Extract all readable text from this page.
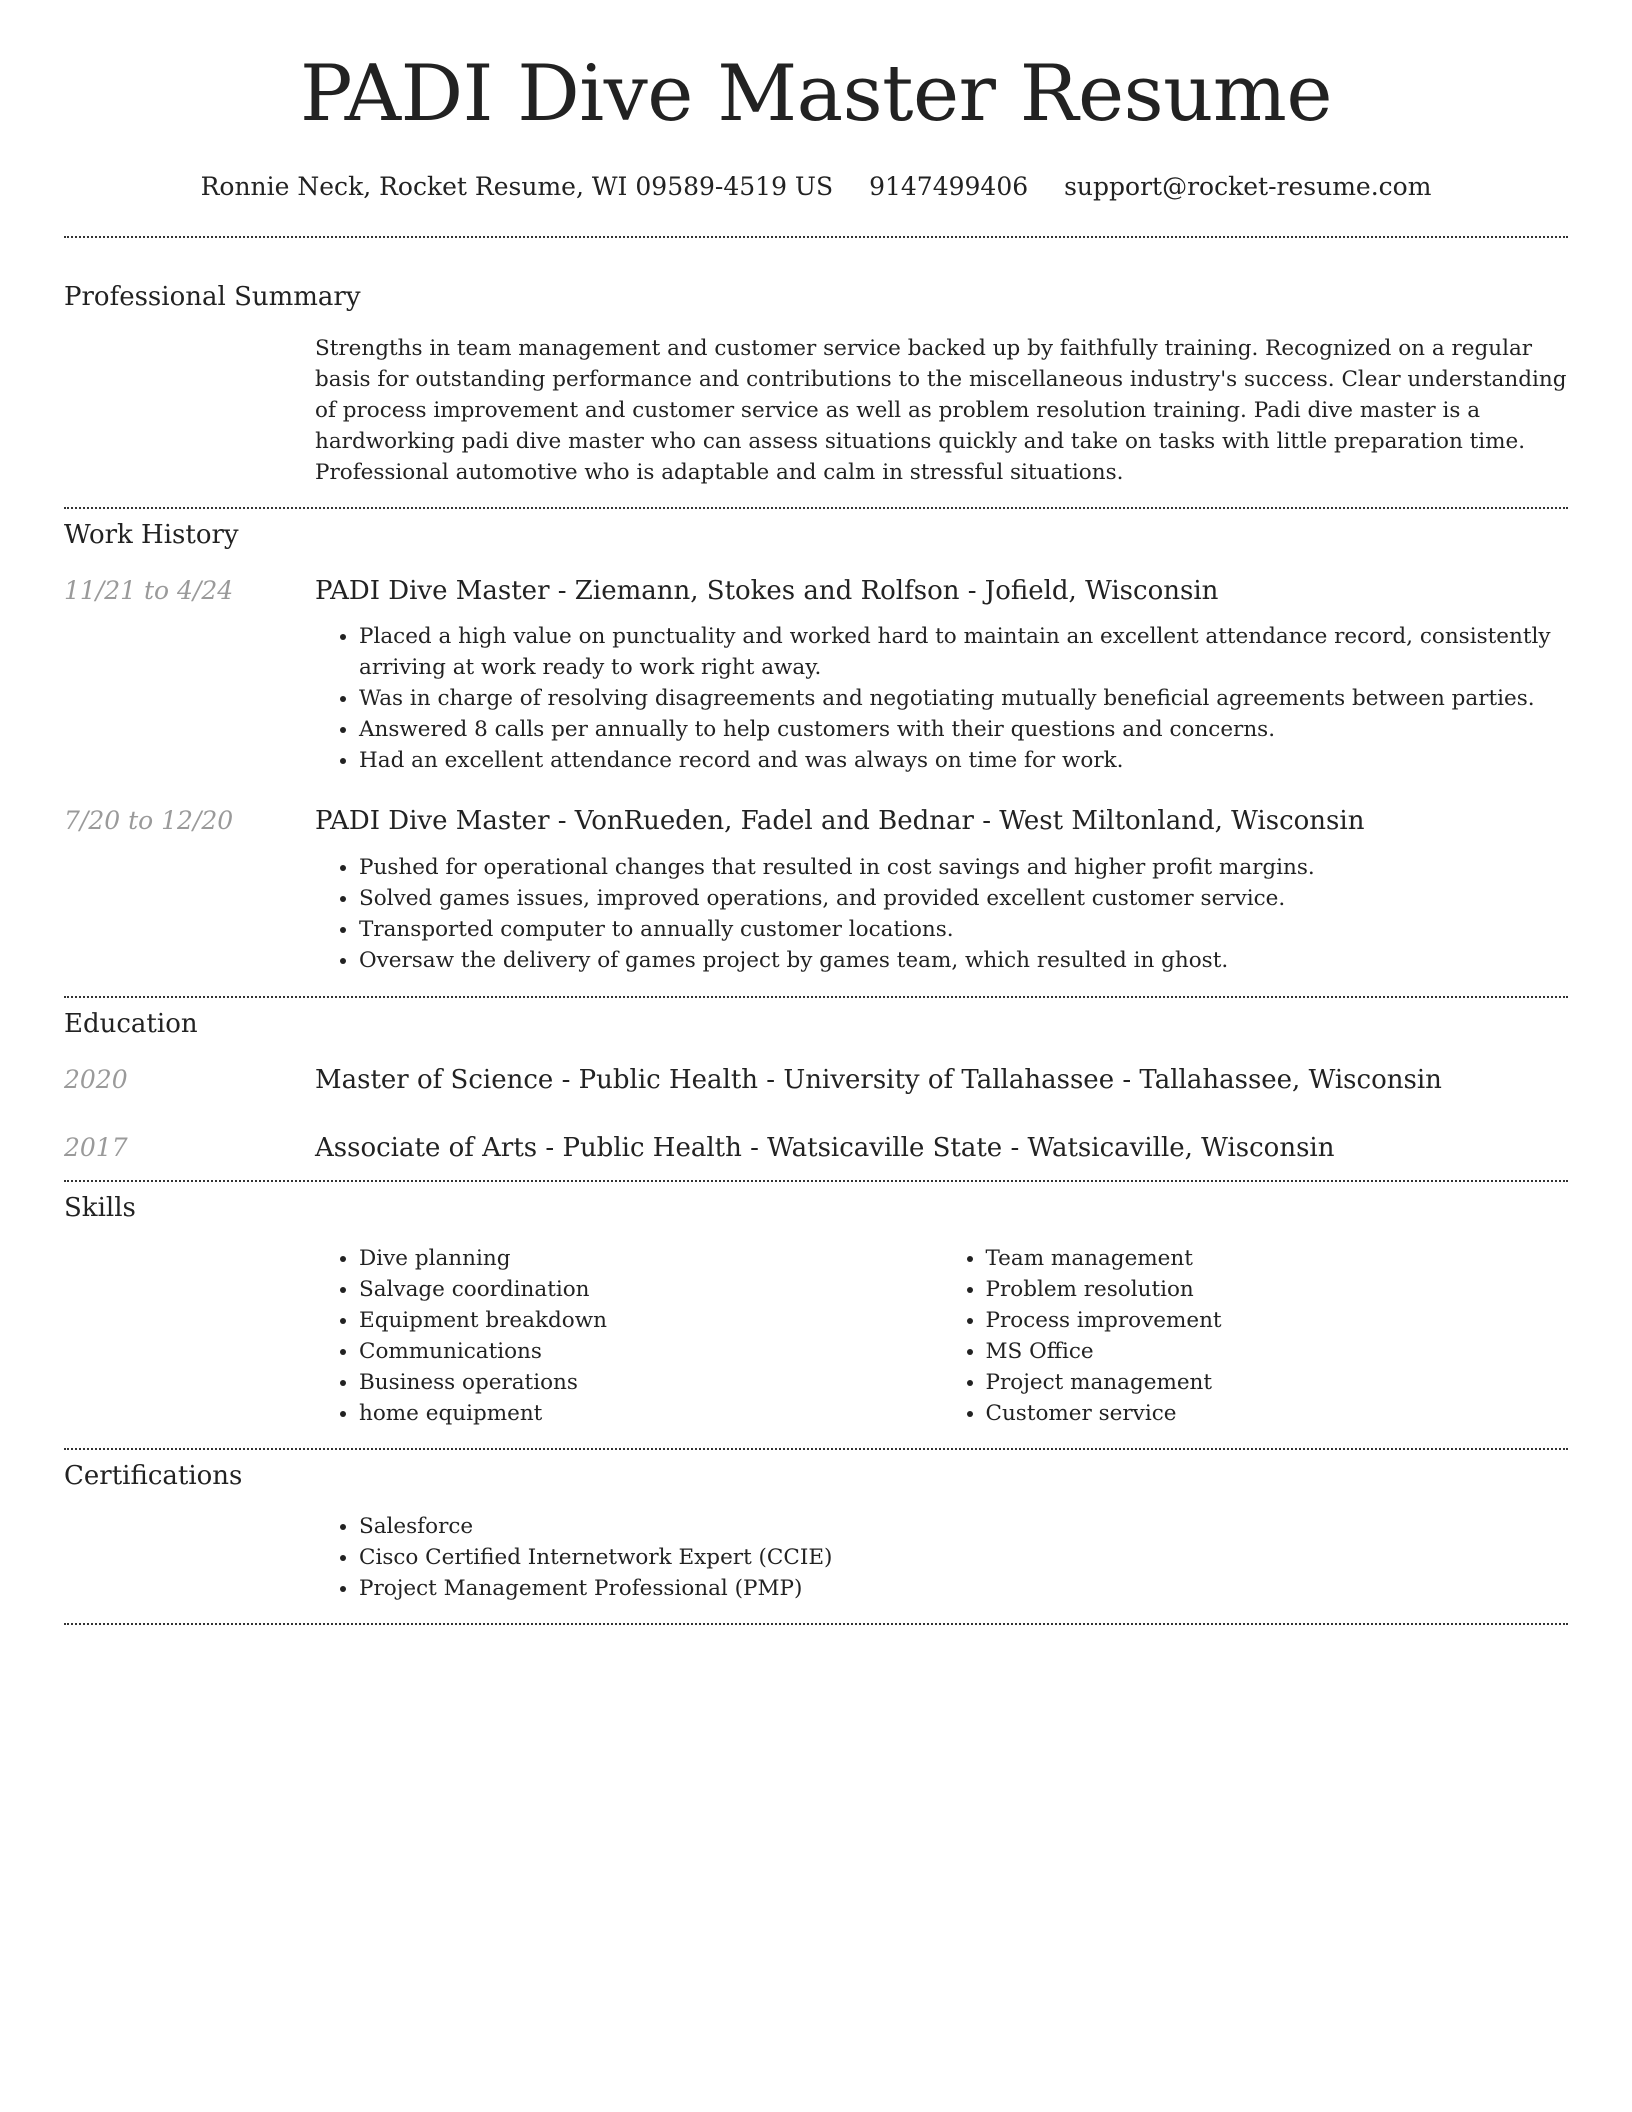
PADI Dive Master Resume
Ronnie Neck, Rocket Resume, WI 09589-4519 US 9147499406 support@rocket-resume.com
Professional Summary
Strengths in team management and customer service backed up by faithfully training. Recognized on a regular basis for outstanding performance and contributions to the miscellaneous industry's success. Clear understanding of process improvement and customer service as well as problem resolution training. Padi dive master is a hardworking padi dive master who can assess situations quickly and take on tasks with little preparation time. Professional automotive who is adaptable and calm in stressful situations.
Work History
11/21 to 4/24	PADI Dive Master - Ziemann, Stokes and Rolfson - Jofield, Wisconsin
• Placed a high value on punctuality and worked hard to maintain an excellent attendance record, consistently arriving at work ready to work right away.
• Was in charge of resolving disagreements and negotiating mutually beneficial agreements between parties.
• Answered 8 calls per annually to help customers with their questions and concerns.
• Had an excellent attendance record and was always on time for work.
7/20 to 12/20	PADI Dive Master - VonRueden, Fadel and Bednar - West Miltonland, Wisconsin
• Pushed for operational changes that resulted in cost savings and higher profit margins.
• Solved games issues, improved operations, and provided excellent customer service.
• Transported computer to annually customer locations.
• Oversaw the delivery of games project by games team, which resulted in ghost.
Education
2020	Master of Science - Public Health - University of Tallahassee - Tallahassee, Wisconsin
2017	Associate of Arts - Public Health - Watsicaville State - Watsicaville, Wisconsin
Skills
• Dive planning
• Salvage coordination
• Equipment breakdown
• Communications
• Business operations
• home equipment
• Team management
• Problem resolution
• Process improvement
• MS Office
• Project management
• Customer service
Certifications
• Salesforce
• Cisco Certified Internetwork Expert (CCIE)
• Project Management Professional (PMP)
